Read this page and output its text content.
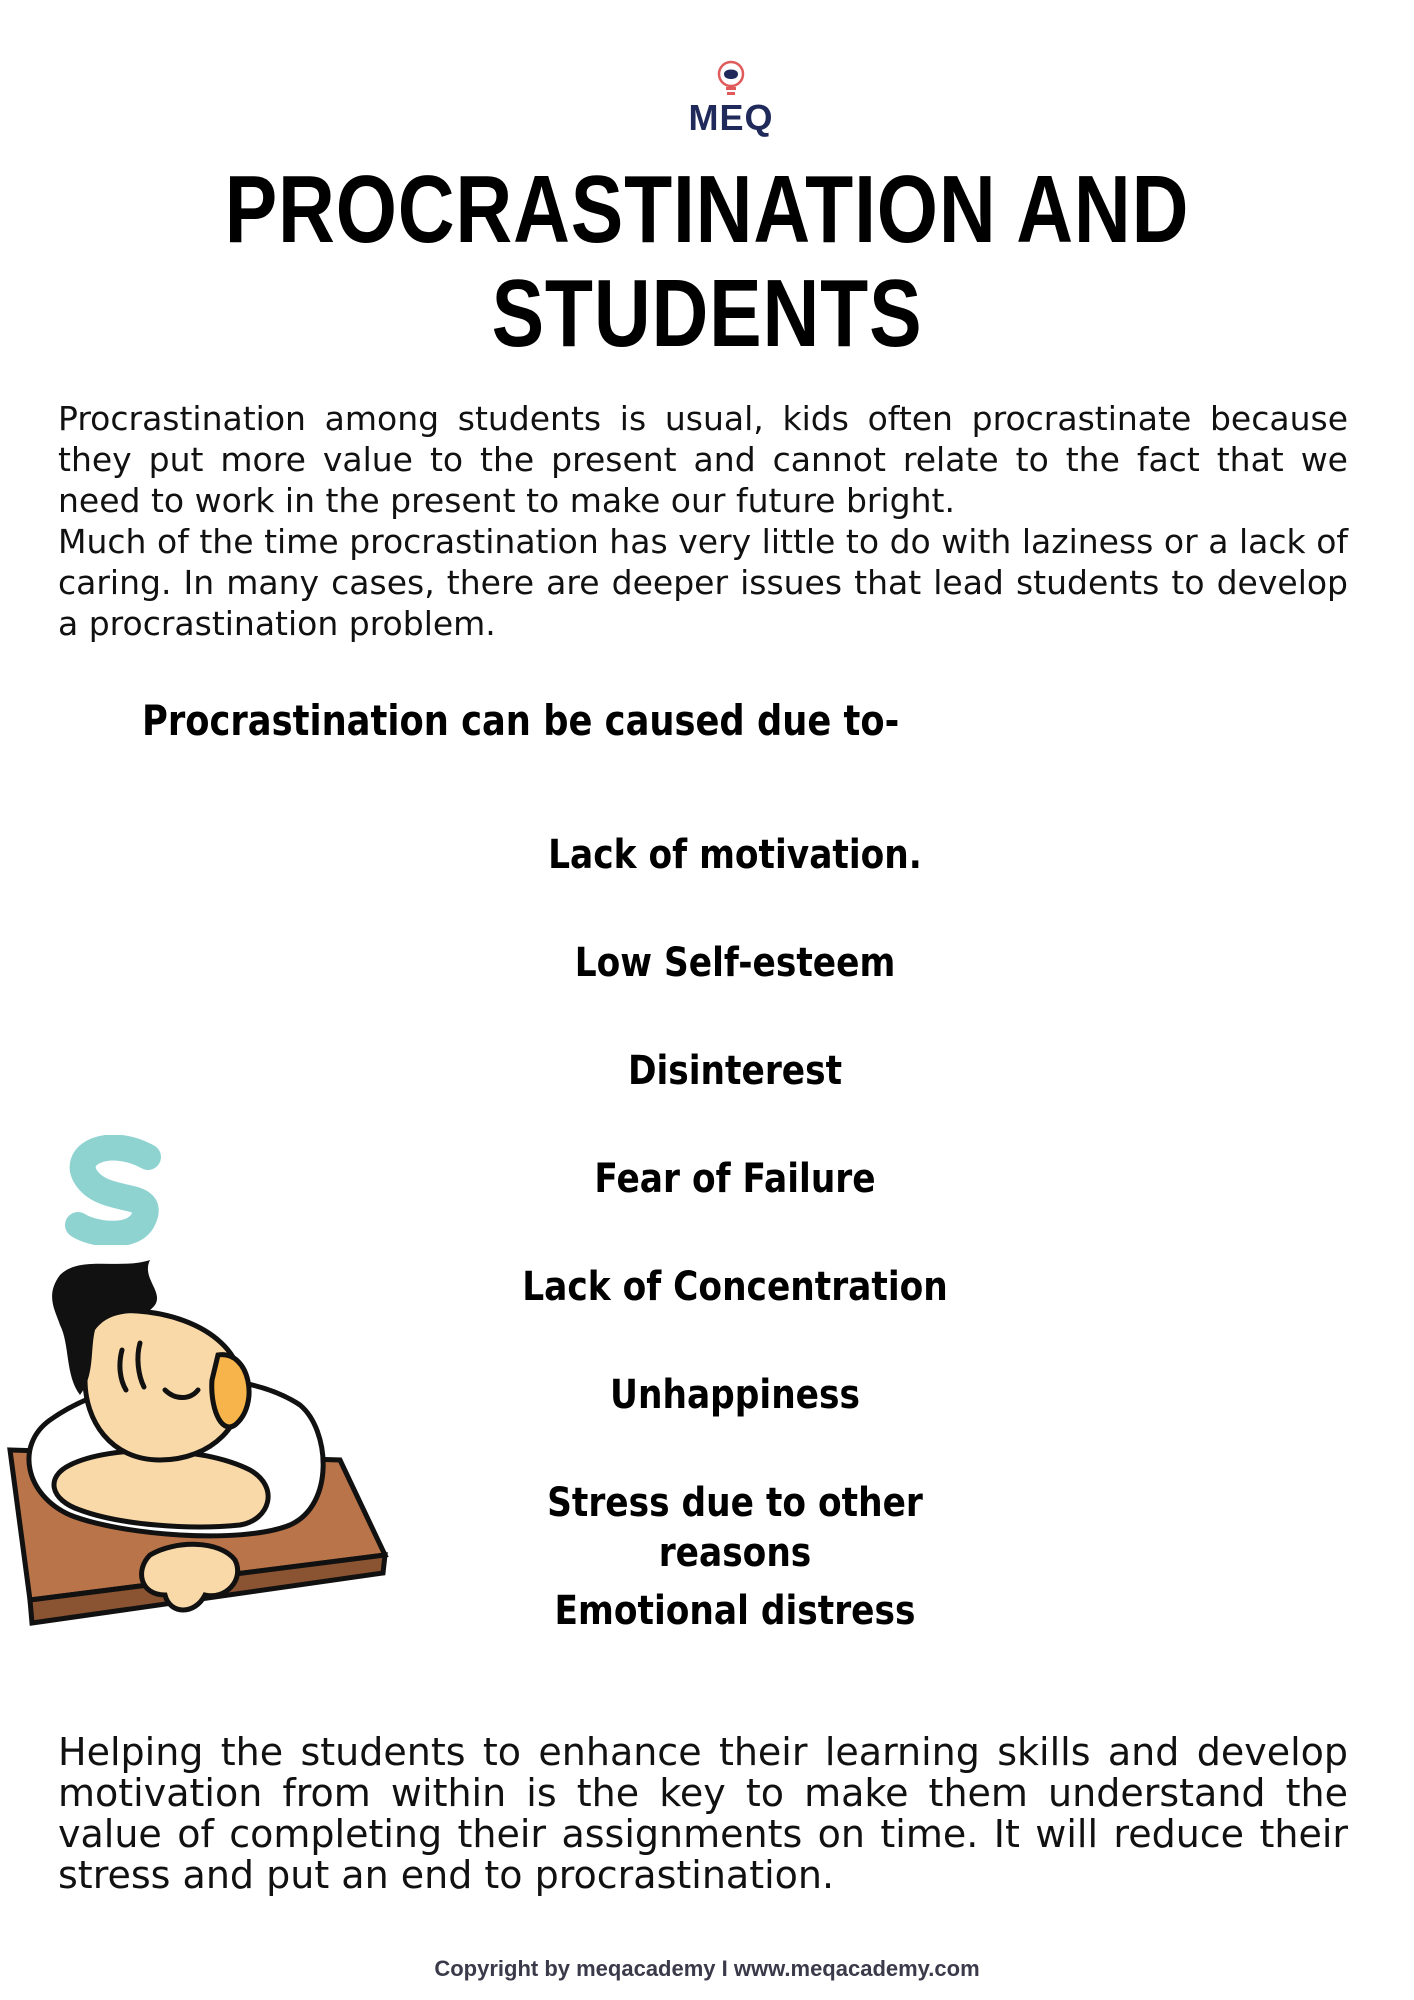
MEQ
PROCRASTINATION AND
STUDENTS

Procrastination among students is usual, kids often procrastinate because they put more value to the present and cannot relate to the fact that we need to work in the present to make our future bright.

Much of the time procrastination has very little to do with laziness or a lack of caring. In many cases, there are deeper issues that lead students to develop a procrastination problem.

Procrastination can be caused due to-
Lack of motivation.
Low Self-esteem
Disinterest
Fear of Failure
Lack of Concentration
Unhappiness
Stress due to other reasons
Emotional distress
Helping the students to enhance their learning skills and develop motivation from within is the key to make them understand the value of completing their assignments on time. It will reduce their stress and put an end to procrastination.
Copyright by meqacademy I www.meqacademy.com
